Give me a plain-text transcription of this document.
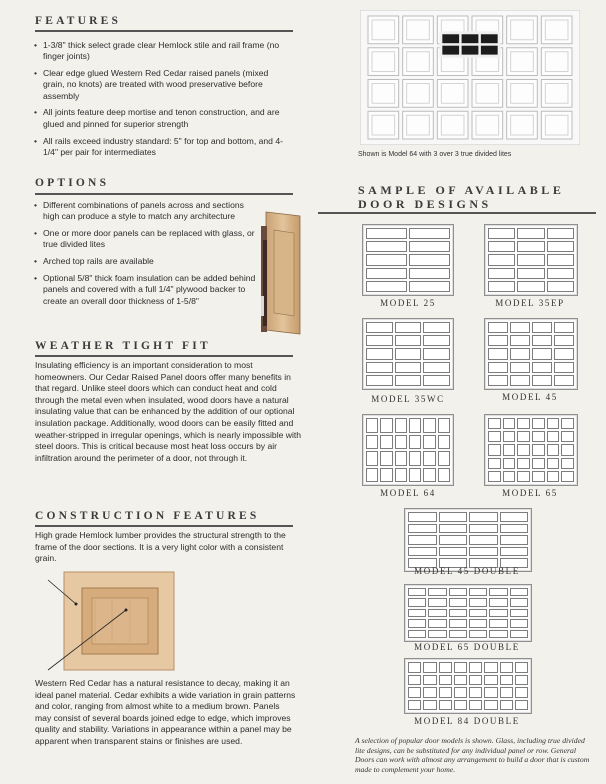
FEATURES
• 1-3/8" thick select grade clear Hemlock stile and rail frame (no finger joints)
• Clear edge glued Western Red Cedar raised panels (mixed grain, no knots) are treated with wood preservative before assembly
• All joints feature deep mortise and tenon construction, and are glued and pinned for superior strength
• All rails exceed industry standard: 5" for top and bottom, and 4-1/4" per pair for intermediates
OPTIONS
• Different combinations of panels across and sections high can produce a style to match any architecture
• One or more door panels can be replaced with glass, or true divided lites
• Arched top rails are available
• Optional 5/8" thick foam insulation can be added behind panels and covered with a full 1/4" plywood backer to create an overall door thickness of 1-5/8"
WEATHER TIGHT FIT
Insulating efficiency is an important consideration to most homeowners. Our Cedar Raised Panel doors offer many benefits in that regard. Unlike steel doors which can conduct heat and cold through the metal even when insulated, wood doors have a natural insulating value that can be enhanced by the addition of our optional insulation package. Additionally, wood doors can be easily fitted and weather-stripped in irregular openings, which is nearly impossible with steel doors. This is critical because most heat loss occurs by air infiltration around the perimeter of a door, not through it.
CONSTRUCTION FEATURES
High grade Hemlock lumber provides the structural strength to the frame of the door sections. It is a very light color with a consistent grain.
Western Red Cedar has a natural resistance to decay, making it an ideal panel material. Cedar exhibits a wide variation in grain patterns and color, ranging from almost white to a medium brown. Panels may consist of several boards joined edge to edge, which improves quality and stability. Variations in appearance within a panel may be apparent when transparent stains or finishes are used.
Shown is Model 64 with 3 over 3 true divided lites
SAMPLE OF AVAILABLE
DOOR DESIGNS
MODEL 25	MODEL 35EP
MODEL 35WC	MODEL 45
MODEL 64	MODEL 65
MODEL 45 DOUBLE
MODEL 65 DOUBLE
MODEL 84 DOUBLE
A selection of popular door models is shown. Glass, including true divided lite designs, can be substituted for any individual panel or row. General Doors can work with almost any arrangement to build a door that is custom made to complement your home.
